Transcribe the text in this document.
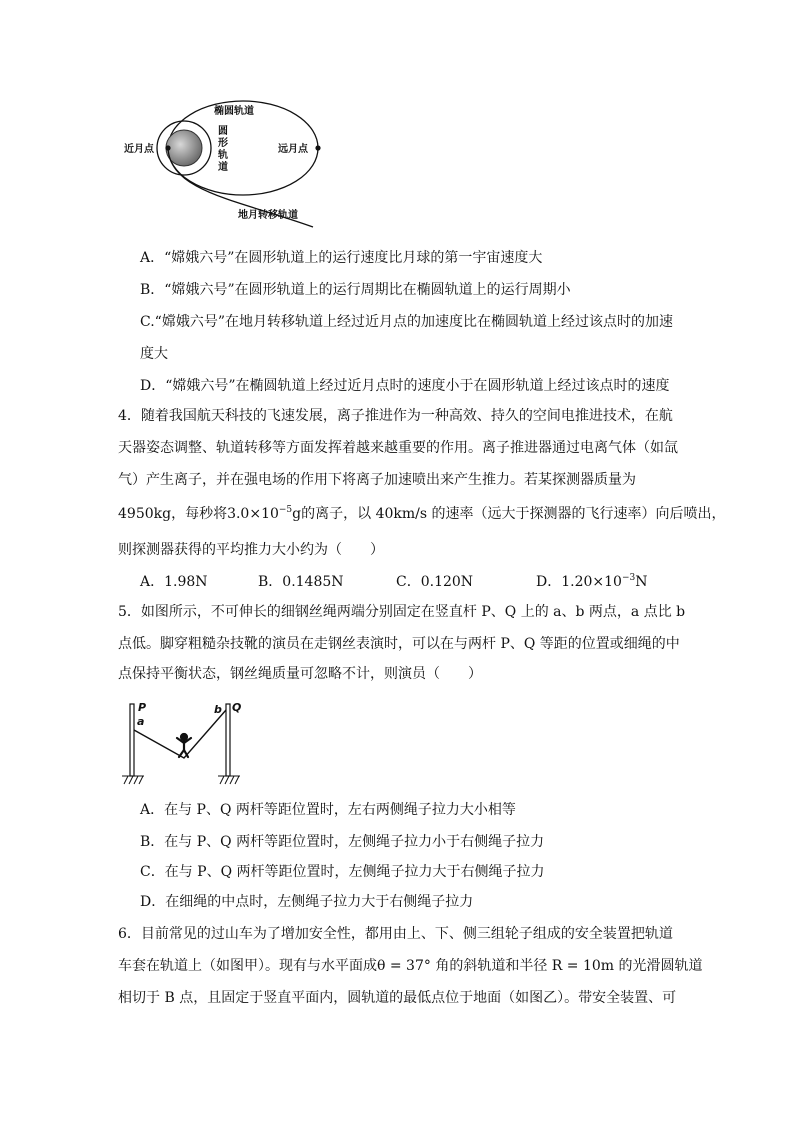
近月点	远月点
椭圆轨道
圆
形
轨
道
地月转移轨道
A．“嫦娥六号”在圆形轨道上的运行速度比月球的第一宇宙速度大
B．“嫦娥六号”在圆形轨道上的运行周期比在椭圆轨道上的运行周期小
C.“嫦娥六号”在地月转移轨道上经过近月点的加速度比在椭圆轨道上经过该点时的加速
度大
D．“嫦娥六号”在椭圆轨道上经过近月点时的速度小于在圆形轨道上经过该点时的速度
4．随着我国航天科技的飞速发展，离子推进作为一种高效、持久的空间电推进技术，在航
天器姿态调整、轨道转移等方面发挥着越来越重要的作用。离子推进器通过电离气体（如氙
气）产生离子，并在强电场的作用下将离子加速喷出来产生推力。若某探测器质量为
4950kg，每秒将$3.0\times 10^{-5}g$的离子，以 40km/s 的速率（远大于探测器的飞行速率）向后喷出，
则探测器获得的平均推力大小约为（　　）
A．1.98N	B．0.1485N	C．0.120N	D．$1.20\times 10^{-3}N$
5．如图所示，不可伸长的细钢丝绳两端分别固定在竖直杆 P、Q 上的 a、b 两点，a 点比 b
点低。脚穿粗糙杂技靴的演员在走钢丝表演时，可以在与两杆 P、Q 等距的位置或细绳的中
点保持平衡状态，钢丝绳质量可忽略不计，则演员（　　）
P
a
b Q
A．在与 P、Q 两杆等距位置时，左右两侧绳子拉力大小相等
B．在与 P、Q 两杆等距位置时，左侧绳子拉力小于右侧绳子拉力
C．在与 P、Q 两杆等距位置时，左侧绳子拉力大于右侧绳子拉力
D．在细绳的中点时，左侧绳子拉力大于右侧绳子拉力
6．目前常见的过山车为了增加安全性，都用由上、下、侧三组轮子组成的安全装置把轨道
车套在轨道上（如图甲）。现有与水平面成θ = 37° 角的斜轨道和半径 R = 10m 的光滑圆轨道
相切于 B 点，且固定于竖直平面内，圆轨道的最低点位于地面（如图乙）。带安全装置、可
